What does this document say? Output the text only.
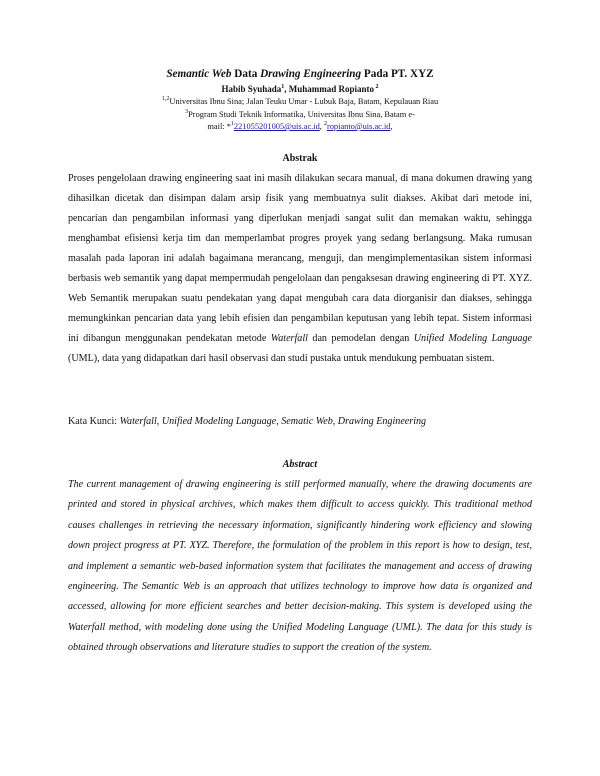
Semantic Web Data Drawing Engineering Pada PT. XYZ
Habib Syuhada$^1$, Muhammad Ropianto $^2$
$^{1,2}$Universitas Ibnu Sina; Jalan Teuku Umar - Lubuk Baja, Batam, Kepulauan Riau
$^3$Program Studi Teknik Informatika, Universitas Ibnu Sina, Batam e-
mail: *$^1$221055201005@uis.ac.id, $^2$ropianto@uis.ac.id,
Abstrak
Proses pengelolaan drawing engineering saat ini masih dilakukan secara manual, di mana dokumen drawing yang dihasilkan dicetak dan disimpan dalam arsip fisik yang membuatnya sulit diakses. Akibat dari metode ini, pencarian dan pengambilan informasi yang diperlukan menjadi sangat sulit dan memakan waktu, sehingga menghambat efisiensi kerja tim dan memperlambat progres proyek yang sedang berlangsung. Maka rumusan masalah pada laporan ini adalah bagaimana merancang, menguji, dan mengimplementasikan sistem informasi berbasis web semantik yang dapat mempermudah pengelolaan dan pengaksesan drawing engineering di PT. XYZ. Web Semantik merupakan suatu pendekatan yang dapat mengubah cara data diorganisir dan diakses, sehingga memungkinkan pencarian data yang lebih efisien dan pengambilan keputusan yang lebih tepat. Sistem informasi ini dibangun menggunakan pendekatan metode Waterfall dan pemodelan dengan Unified Modeling Language (UML), data yang didapatkan dari hasil observasi dan studi pustaka untuk mendukung pembuatan sistem.
Kata Kunci: Waterfall, Unified Modeling Language, Sematic Web, Drawing Engineering
Abstract
The current management of drawing engineering is still performed manually, where the drawing documents are printed and stored in physical archives, which makes them difficult to access quickly. This traditional method causes challenges in retrieving the necessary information, significantly hindering work efficiency and slowing down project progress at PT. XYZ. Therefore, the formulation of the problem in this report is how to design, test, and implement a semantic web-based information system that facilitates the management and access of drawing engineering. The Semantic Web is an approach that utilizes technology to improve how data is organized and accessed, allowing for more efficient searches and better decision-making. This system is developed using the Waterfall method, with modeling done using the Unified Modeling Language (UML). The data for this study is obtained through observations and literature studies to support the creation of the system.
